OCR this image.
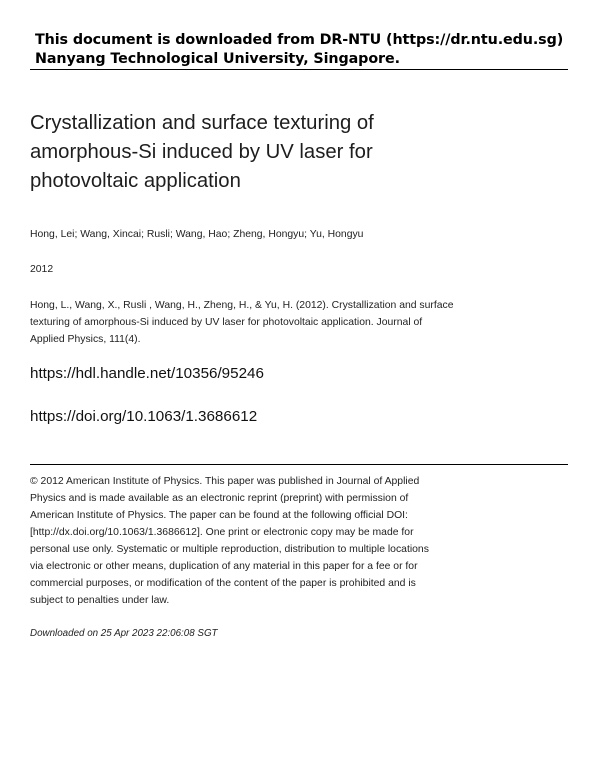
This document is downloaded from DR-NTU (https://dr.ntu.edu.sg)
Nanyang Technological University, Singapore.
Crystallization and surface texturing of
amorphous-Si induced by UV laser for
photovoltaic application
Hong, Lei; Wang, Xincai; Rusli; Wang, Hao; Zheng, Hongyu; Yu, Hongyu
2012
Hong, L., Wang, X., Rusli , Wang, H., Zheng, H., & Yu, H. (2012). Crystallization and surface
texturing of amorphous-Si induced by UV laser for photovoltaic application. Journal of
Applied Physics, 111(4).
https://hdl.handle.net/10356/95246
https://doi.org/10.1063/1.3686612
© 2012 American Institute of Physics. This paper was published in Journal of Applied
Physics and is made available as an electronic reprint (preprint) with permission of
American Institute of Physics. The paper can be found at the following official DOI:
[http://dx.doi.org/10.1063/1.3686612]. One print or electronic copy may be made for
personal use only. Systematic or multiple reproduction, distribution to multiple locations
via electronic or other means, duplication of any material in this paper for a fee or for
commercial purposes, or modification of the content of the paper is prohibited and is
subject to penalties under law.
Downloaded on 25 Apr 2023 22:06:08 SGT
